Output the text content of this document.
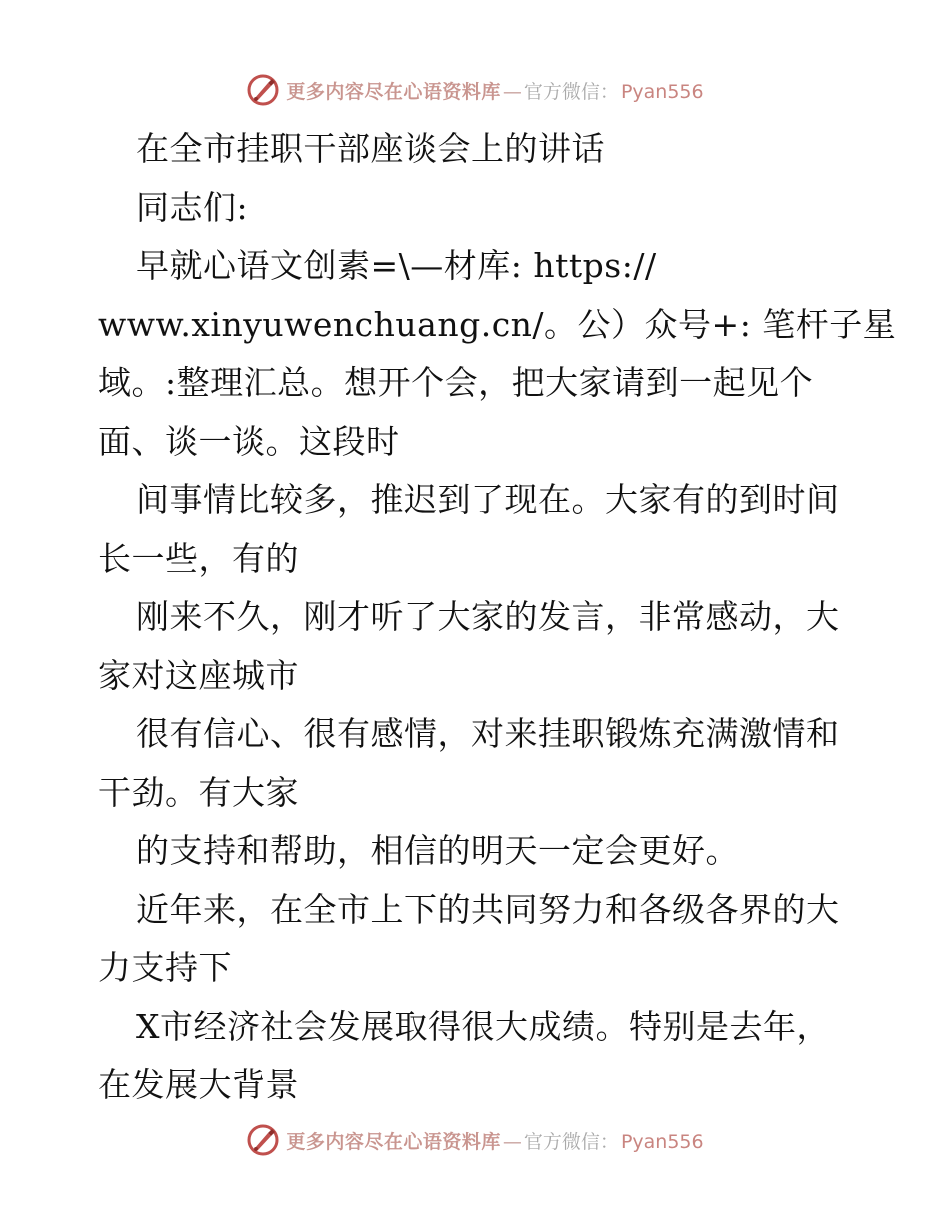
更多内容尽在心语资料库 — 官方微信： Pyan556
在全市挂职干部座谈会上的讲话
同志们:
早就心语文创素=\—材库: https://
www.xinyuwenchuang.cn/。公）众号+: 笔杆子星
域。:整理汇总。想开个会，把大家请到一起见个
面、谈一谈。这段时
间事情比较多，推迟到了现在。大家有的到时间
长一些，有的
刚来不久，刚才听了大家的发言，非常感动，大
家对这座城市
很有信心、很有感情，对来挂职锻炼充满激情和
干劲。有大家
的支持和帮助，相信的明天一定会更好。
近年来，在全市上下的共同努力和各级各界的大
力支持下
X市经济社会发展取得很大成绩。特别是去年，
在发展大背景
更多内容尽在心语资料库 — 官方微信： Pyan556
